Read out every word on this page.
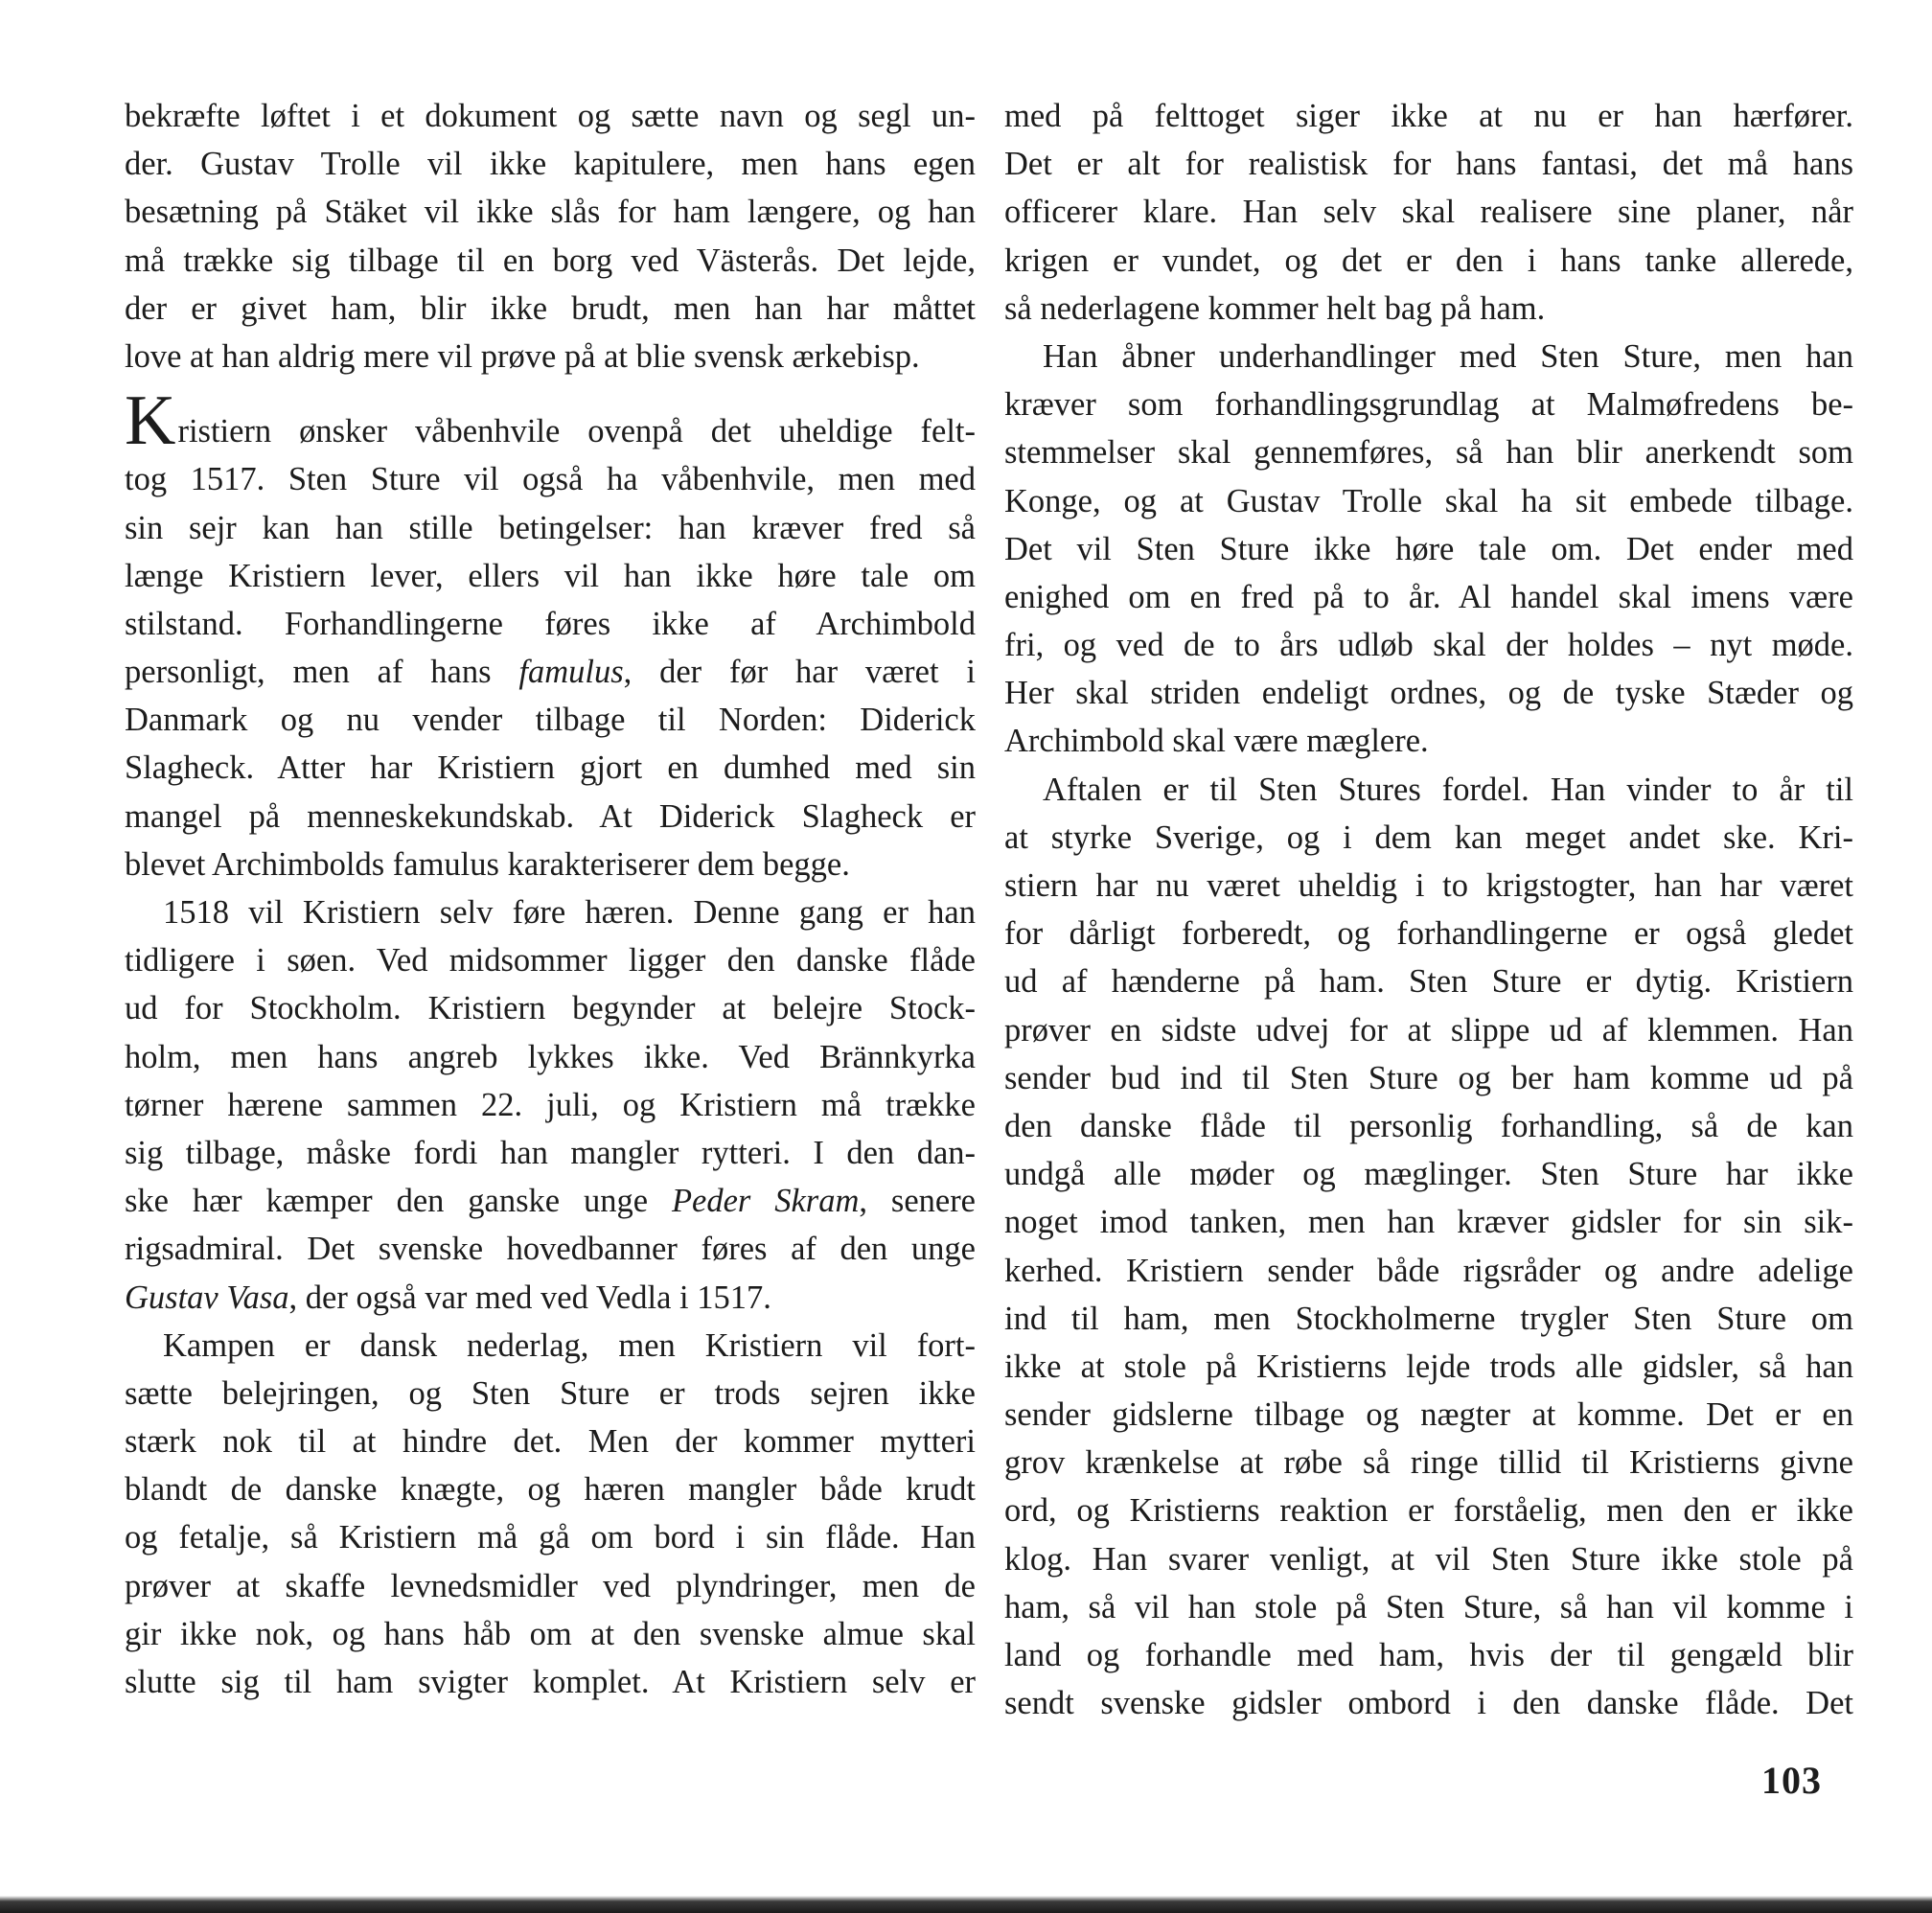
bekræfte løftet i et dokument og sætte navn og segl un-
der. Gustav Trolle vil ikke kapitulere, men hans egen
besætning på Stäket vil ikke slås for ham længere, og han
må trække sig tilbage til en borg ved Västerås. Det lejde,
der er givet ham, blir ikke brudt, men han har måttet
love at han aldrig mere vil prøve på at blie svensk ærkebisp.
Kristiern ønsker våbenhvile ovenpå det uheldige felt-
tog 1517. Sten Sture vil også ha våbenhvile, men med
sin sejr kan han stille betingelser: han kræver fred så
længe Kristiern lever, ellers vil han ikke høre tale om
stilstand. Forhandlingerne føres ikke af Archimbold
personligt, men af hans famulus, der før har været i
Danmark og nu vender tilbage til Norden: Diderick
Slagheck. Atter har Kristiern gjort en dumhed med sin
mangel på menneskekundskab. At Diderick Slagheck er
blevet Archimbolds famulus karakteriserer dem begge.
1518 vil Kristiern selv føre hæren. Denne gang er han
tidligere i søen. Ved midsommer ligger den danske flåde
ud for Stockholm. Kristiern begynder at belejre Stock-
holm, men hans angreb lykkes ikke. Ved Brännkyrka
tørner hærene sammen 22. juli, og Kristiern må trække
sig tilbage, måske fordi han mangler rytteri. I den dan-
ske hær kæmper den ganske unge Peder Skram, senere
rigsadmiral. Det svenske hovedbanner føres af den unge
Gustav Vasa, der også var med ved Vedla i 1517.
Kampen er dansk nederlag, men Kristiern vil fort-
sætte belejringen, og Sten Sture er trods sejren ikke
stærk nok til at hindre det. Men der kommer mytteri
blandt de danske knægte, og hæren mangler både krudt
og fetalje, så Kristiern må gå om bord i sin flåde. Han
prøver at skaffe levnedsmidler ved plyndringer, men de
gir ikke nok, og hans håb om at den svenske almue skal
slutte sig til ham svigter komplet. At Kristiern selv er
med på felttoget siger ikke at nu er han hærfører.
Det er alt for realistisk for hans fantasi, det må hans
officerer klare. Han selv skal realisere sine planer, når
krigen er vundet, og det er den i hans tanke allerede,
så nederlagene kommer helt bag på ham.
Han åbner underhandlinger med Sten Sture, men han
kræver som forhandlingsgrundlag at Malmøfredens be-
stemmelser skal gennemføres, så han blir anerkendt som
Konge, og at Gustav Trolle skal ha sit embede tilbage.
Det vil Sten Sture ikke høre tale om. Det ender med
enighed om en fred på to år. Al handel skal imens være
fri, og ved de to års udløb skal der holdes – nyt møde.
Her skal striden endeligt ordnes, og de tyske Stæder og
Archimbold skal være mæglere.
Aftalen er til Sten Stures fordel. Han vinder to år til
at styrke Sverige, og i dem kan meget andet ske. Kri-
stiern har nu været uheldig i to krigstogter, han har været
for dårligt forberedt, og forhandlingerne er også gledet
ud af hænderne på ham. Sten Sture er dytig. Kristiern
prøver en sidste udvej for at slippe ud af klemmen. Han
sender bud ind til Sten Sture og ber ham komme ud på
den danske flåde til personlig forhandling, så de kan
undgå alle møder og mæglinger. Sten Sture har ikke
noget imod tanken, men han kræver gidsler for sin sik-
kerhed. Kristiern sender både rigsråder og andre adelige
ind til ham, men Stockholmerne trygler Sten Sture om
ikke at stole på Kristierns lejde trods alle gidsler, så han
sender gidslerne tilbage og nægter at komme. Det er en
grov krænkelse at røbe så ringe tillid til Kristierns givne
ord, og Kristierns reaktion er forståelig, men den er ikke
klog. Han svarer venligt, at vil Sten Sture ikke stole på
ham, så vil han stole på Sten Sture, så han vil komme i
land og forhandle med ham, hvis der til gengæld blir
sendt svenske gidsler ombord i den danske flåde. Det
103
